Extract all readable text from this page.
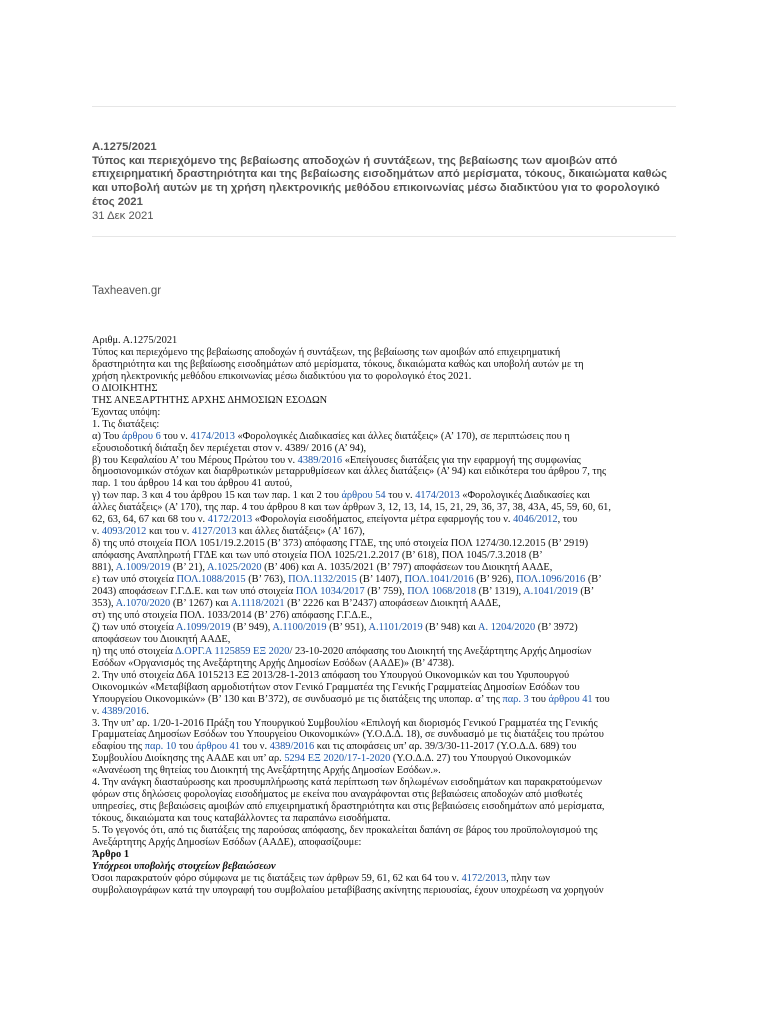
Α.1275/2021
Τύπος και περιεχόμενο της βεβαίωσης αποδοχών ή συντάξεων, της βεβαίωσης των αμοιβών από επιχειρηματική δραστηριότητα και της βεβαίωσης εισοδημάτων από μερίσματα, τόκους, δικαιώματα καθώς και υποβολή αυτών με τη χρήση ηλεκτρονικής μεθόδου επικοινωνίας μέσω διαδικτύου για το φορολογικό έτος 2021
31 Δεκ 2021
Taxheaven.gr
Αριθμ. Α.1275/2021
Τύπος και περιεχόμενο της βεβαίωσης αποδοχών ή συντάξεων, της βεβαίωσης των αμοιβών από επιχειρηματική
δραστηριότητα και της βεβαίωσης εισοδημάτων από μερίσματα, τόκους, δικαιώματα καθώς και υποβολή αυτών με τη
χρήση ηλεκτρονικής μεθόδου επικοινωνίας μέσω διαδικτύου για το φορολογικό έτος 2021.
Ο ΔΙΟΙΚΗΤΗΣ
ΤΗΣ ΑΝΕΞΑΡΤΗΤΗΣ ΑΡΧΗΣ ΔΗΜΟΣΙΩΝ ΕΣΟΔΩΝ
Έχοντας υπόψη:
1. Τις διατάξεις:
α) Του άρθρου 6 του ν. 4174/2013 «Φορολογικές Διαδικασίες και άλλες διατάξεις» (Α’ 170), σε περιπτώσεις που η
εξουσιοδοτική διάταξη δεν περιέχεται στον ν. 4389/ 2016 (Α’ 94),
β) του Κεφαλαίου Α’ του Μέρους Πρώτου του ν. 4389/2016 «Επείγουσες διατάξεις για την εφαρμογή της συμφωνίας
δημοσιονομικών στόχων και διαρθρωτικών μεταρρυθμίσεων και άλλες διατάξεις» (Α’ 94) και ειδικότερα του άρθρου 7, της
παρ. 1 του άρθρου 14 και του άρθρου 41 αυτού,
γ) των παρ. 3 και 4 του άρθρου 15 και των παρ. 1 και 2 του άρθρου 54 του ν. 4174/2013 «Φορολογικές Διαδικασίες και
άλλες διατάξεις» (Α’ 170), της παρ. 4 του άρθρου 8 και των άρθρων 3, 12, 13, 14, 15, 21, 29, 36, 37, 38, 43Α, 45, 59, 60, 61,
62, 63, 64, 67 και 68 του ν. 4172/2013 «Φορολογία εισοδήματος, επείγοντα μέτρα εφαρμογής του ν. 4046/2012, του
ν. 4093/2012 και του ν. 4127/2013 και άλλες διατάξεις» (Α’ 167),
δ) της υπό στοιχεία ΠΟΛ 1051/19.2.2015 (Β’ 373) απόφασης ΓΓΔΕ, της υπό στοιχεία ΠΟΛ 1274/30.12.2015 (Β’ 2919)
απόφασης Αναπληρωτή ΓΓΔΕ και των υπό στοιχεία ΠΟΛ 1025/21.2.2017 (Β’ 618), ΠΟΛ 1045/7.3.2018 (Β’
881), Α.1009/2019 (Β’ 21), Α.1025/2020 (Β’ 406) και Α. 1035/2021 (Β’ 797) αποφάσεων του Διοικητή ΑΑΔΕ,
ε) των υπό στοιχεία ΠΟΛ.1088/2015 (Β’ 763), ΠΟΛ.1132/2015 (Β’ 1407), ΠΟΛ.1041/2016 (Β’ 926), ΠΟΛ.1096/2016 (Β’
2043) αποφάσεων Γ.Γ.Δ.Ε. και των υπό στοιχεία ΠΟΛ 1034/2017 (Β’ 759), ΠΟΛ 1068/2018 (Β’ 1319), Α.1041/2019 (Β’
353), Α.1070/2020 (Β’ 1267) και Α.1118/2021 (Β’ 2226 και Β’2437) αποφάσεων Διοικητή ΑΑΔΕ,
στ) της υπό στοιχεία ΠΟΛ. 1033/2014 (Β’ 276) απόφασης Γ.Γ.Δ.Ε.,
ζ) των υπό στοιχεία Α.1099/2019 (Β’ 949), Α.1100/2019 (Β’ 951), Α.1101/2019 (Β’ 948) και Α. 1204/2020 (Β’ 3972)
αποφάσεων του Διοικητή ΑΑΔΕ,
η) της υπό στοιχεία Δ.ΟΡΓ.Α 1125859 ΕΞ 2020/ 23-10-2020 απόφασης του Διοικητή της Ανεξάρτητης Αρχής Δημοσίων
Εσόδων «Οργανισμός της Ανεξάρτητης Αρχής Δημοσίων Εσόδων (ΑΑΔΕ)» (Β’ 4738).
2. Την υπό στοιχεία Δ6Α 1015213 ΕΞ 2013/28-1-2013 απόφαση του Υπουργού Οικονομικών και του Υφυπουργού
Οικονομικών «Μεταβίβαση αρμοδιοτήτων στον Γενικό Γραμματέα της Γενικής Γραμματείας Δημοσίων Εσόδων του
Υπουργείου Οικονομικών» (Β’ 130 και Β’372), σε συνδυασμό με τις διατάξεις της υποπαρ. α’ της παρ. 3 του άρθρου 41 του
ν. 4389/2016.
3. Την υπ’ αρ. 1/20-1-2016 Πράξη του Υπουργικού Συμβουλίου «Επιλογή και διορισμός Γενικού Γραμματέα της Γενικής
Γραμματείας Δημοσίων Εσόδων του Υπουργείου Οικονομικών» (Υ.Ο.Δ.Δ. 18), σε συνδυασμό με τις διατάξεις του πρώτου
εδαφίου της παρ. 10 του άρθρου 41 του ν. 4389/2016 και τις αποφάσεις υπ’ αρ. 39/3/30-11-2017 (Υ.Ο.Δ.Δ. 689) του
Συμβουλίου Διοίκησης της ΑΑΔΕ και υπ’ αρ. 5294 ΕΞ 2020/17-1-2020 (Υ.Ο.Δ.Δ. 27) του Υπουργού Οικονομικών
«Ανανέωση της θητείας του Διοικητή της Ανεξάρτητης Αρχής Δημοσίων Εσόδων.».
4. Την ανάγκη διασταύρωσης και προσυμπλήρωσης κατά περίπτωση των δηλωμένων εισοδημάτων και παρακρατούμενων
φόρων στις δηλώσεις φορολογίας εισοδήματος με εκείνα που αναγράφονται στις βεβαιώσεις αποδοχών από μισθωτές
υπηρεσίες, στις βεβαιώσεις αμοιβών από επιχειρηματική δραστηριότητα και στις βεβαιώσεις εισοδημάτων από μερίσματα,
τόκους, δικαιώματα και τους καταβάλλοντες τα παραπάνω εισοδήματα.
5. Το γεγονός ότι, από τις διατάξεις της παρούσας απόφασης, δεν προκαλείται δαπάνη σε βάρος του προϋπολογισμού της
Ανεξάρτητης Αρχής Δημοσίων Εσόδων (ΑΑΔΕ), αποφασίζουμε:
Άρθρο 1
Υπόχρεοι υποβολής στοιχείων βεβαιώσεων
Όσοι παρακρατούν φόρο σύμφωνα με τις διατάξεις των άρθρων 59, 61, 62 και 64 του ν. 4172/2013, πλην των
συμβολαιογράφων κατά την υπογραφή του συμβολαίου μεταβίβασης ακίνητης περιουσίας, έχουν υποχρέωση να χορηγούν
